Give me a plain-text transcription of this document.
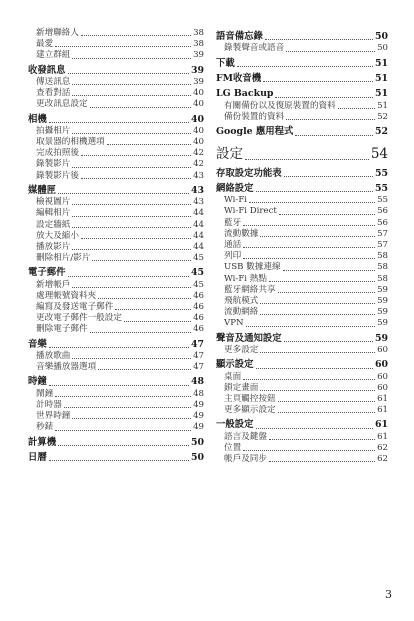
新增聯絡人	38
最愛	38
建立群組	39
收發訊息	39
傳送訊息	39
查看對話	40
更改訊息設定	40
相機	40
拍攝相片	40
取景器的相機選項	40
完成拍照後	42
錄製影片	42
錄製影片後	43
媒體匣	43
檢視圖片	43
編輯相片	44
設定牆紙	44
放大及縮小	44
播放影片	44
刪除相片/影片	45
電子郵件	45
新增帳戶	45
處理帳號資料夾	46
編寫及發送電子郵件	46
更改電子郵件一般設定	46
刪除電子郵件	46
音樂	47
播放歌曲	47
音樂播放器選項	47
時鐘	48
鬧鐘	48
計時器	49
世界時鐘	49
秒錶	49
計算機	50
日曆	50
語音備忘錄	50
錄製聲音或語音	50
下載	51
FM收音機	51
LG Backup	51
有關備份以及復原裝置的資料	51
備份裝置的資料	52
Google 應用程式	52
設定	54
存取設定功能表	55
網絡設定	55
Wi-Fi	55
Wi-Fi Direct	56
藍牙	56
流動數據	57
通話	57
列印	58
USB 數據連線	58
Wi-Fi 熱點	58
藍牙網絡共享	59
飛航模式	59
流動網絡	59
VPN	59
聲音及通知設定	59
更多設定	60
顯示設定	60
桌面	60
鎖定畫面	60
主頁觸控按鈕	61
更多顯示設定	61
一般設定	61
語言及鍵盤	61
位置	62
帳戶及同步	62
3
